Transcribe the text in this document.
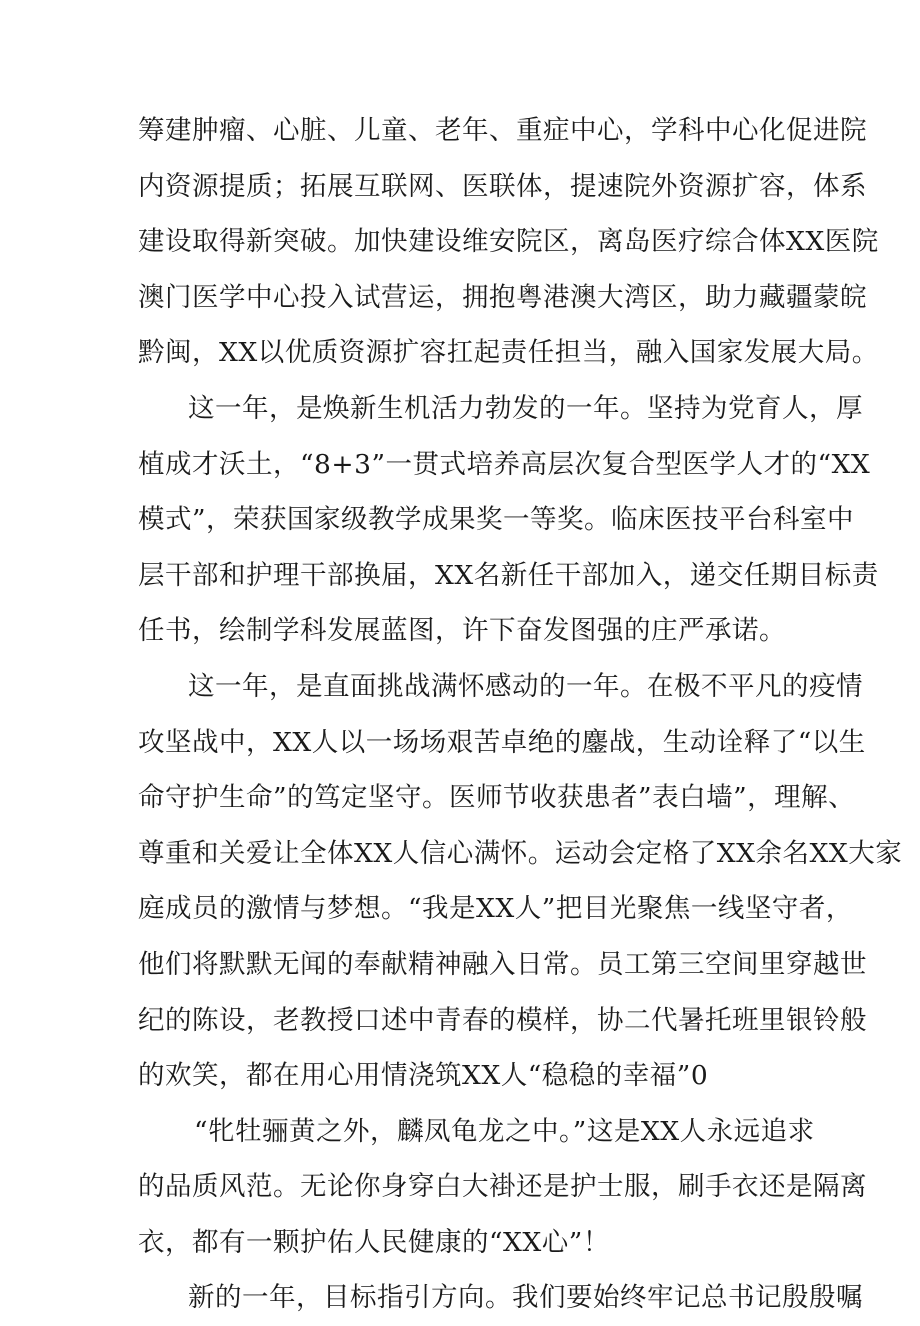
筹建肿瘤、心脏、儿童、老年、重症中心，学科中心化促进院
内资源提质；拓展互联网、医联体，提速院外资源扩容，体系
建设取得新突破。加快建设维安院区，离岛医疗综合体XX医院
澳门医学中心投入试营运，拥抱粤港澳大湾区，助力藏疆蒙皖
黔闽，XX以优质资源扩容扛起责任担当，融入国家发展大局。
这一年，是焕新生机活力勃发的一年。坚持为党育人，厚
植成才沃土，“8+3”一贯式培养高层次复合型医学人才的“XX
模式”，荣获国家级教学成果奖一等奖。临床医技平台科室中
层干部和护理干部换届，XX名新任干部加入，递交任期目标责
任书，绘制学科发展蓝图，许下奋发图强的庄严承诺。
这一年，是直面挑战满怀感动的一年。在极不平凡的疫情
攻坚战中，XX人以一场场艰苦卓绝的鏖战，生动诠释了“以生
命守护生命”的笃定坚守。医师节收获患者”表白墙”，理解、
尊重和关爱让全体XX人信心满怀。运动会定格了XX余名XX大家
庭成员的激情与梦想。“我是XX人”把目光聚焦一线坚守者，
他们将默默无闻的奉献精神融入日常。员工第三空间里穿越世
纪的陈设，老教授口述中青春的模样，协二代暑托班里银铃般
的欢笑，都在用心用情浇筑XX人“稳稳的幸福”0
“牝牡骊黄之外，麟凤龟龙之中。”这是XX人永远追求
的品质风范。无论你身穿白大褂还是护士服，刷手衣还是隔离
衣，都有一颗护佑人民健康的“XX心”！
新的一年，目标指引方向。我们要始终牢记总书记殷殷嘱
